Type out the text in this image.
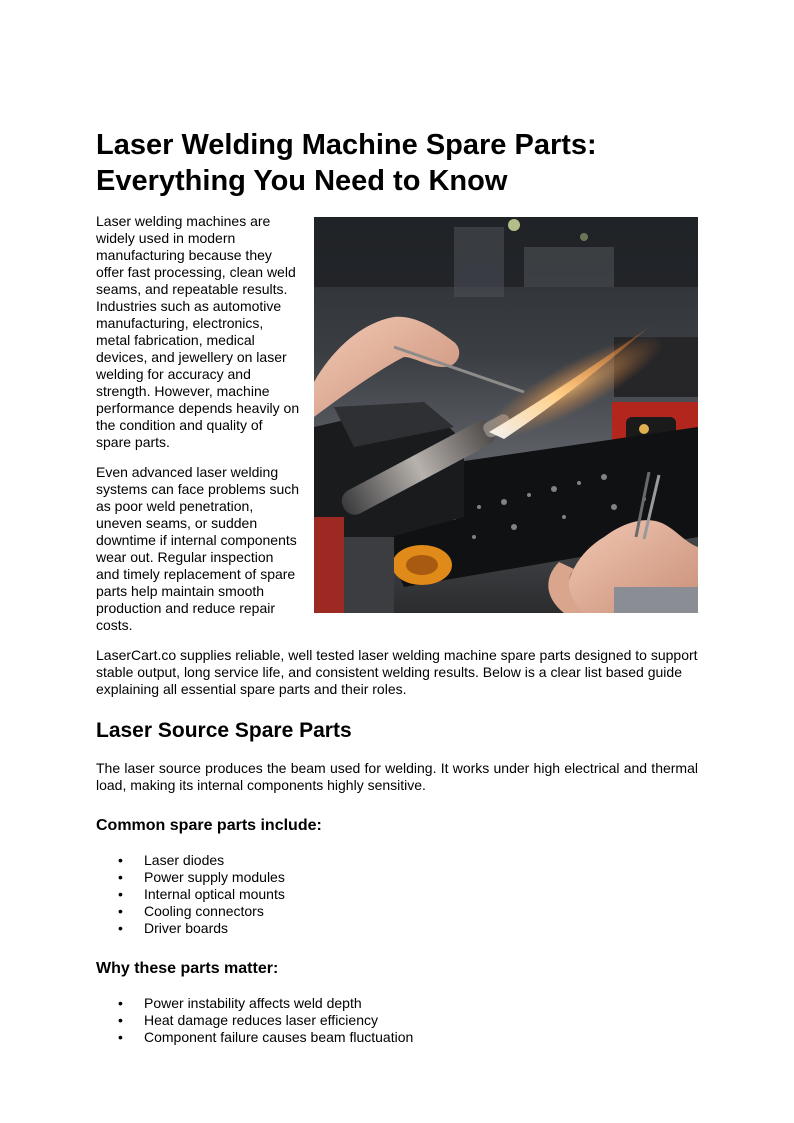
Laser Welding Machine Spare Parts: Everything You Need to Know

Laser welding machines are widely used in modern manufacturing because they offer fast processing, clean weld seams, and repeatable results. Industries such as automotive manufacturing, electronics, metal fabrication, medical devices, and jewellery on laser welding for accuracy and strength. However, machine performance depends heavily on the condition and quality of spare parts.

Even advanced laser welding systems can face problems such as poor weld penetration, uneven seams, or sudden downtime if internal components wear out. Regular inspection and timely replacement of spare parts help maintain smooth production and reduce repair costs.

LaserCart.co supplies reliable, well tested laser welding machine spare parts designed to support stable output, long service life, and consistent welding results. Below is a clear list based guide explaining all essential spare parts and their roles.

Laser Source Spare Parts

The laser source produces the beam used for welding. It works under high electrical and thermal load, making its internal components highly sensitive.

Common spare parts include:
• Laser diodes
• Power supply modules
• Internal optical mounts
• Cooling connectors
• Driver boards
Why these parts matter:
• Power instability affects weld depth
• Heat damage reduces laser efficiency
• Component failure causes beam fluctuation
